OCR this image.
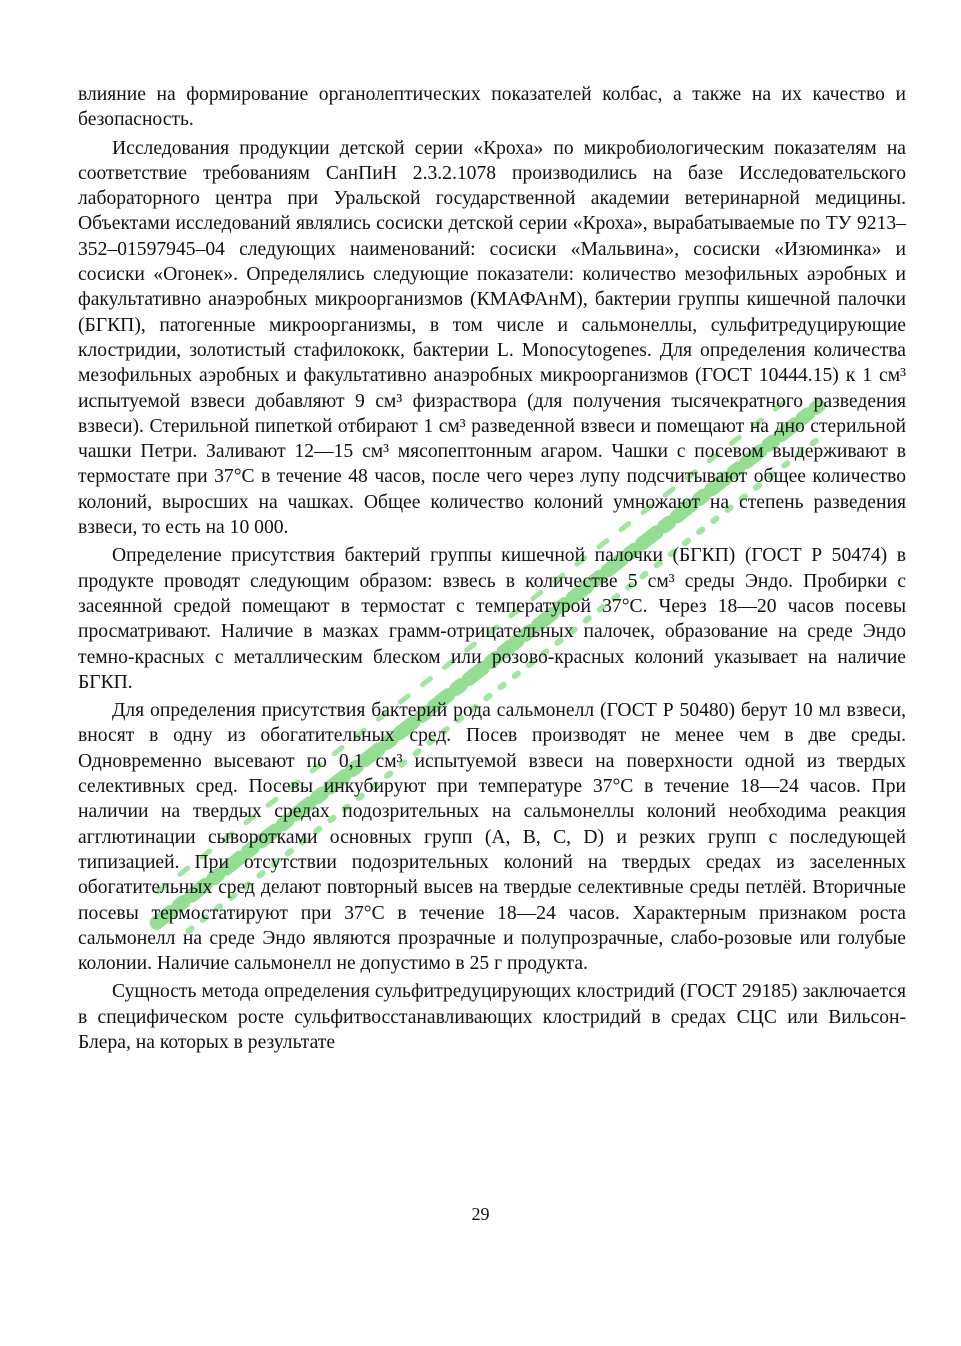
влияние на формирование органолептических показателей колбас, а также на их качество и безопасность.

Исследования продукции детской серии «Кроха» по микробиологическим показателям на соответствие требованиям СанПиН 2.3.2.1078 производились на базе Исследовательского лабораторного центра при Уральской государственной академии ветеринарной медицины. Объектами исследований являлись сосиски детской серии «Кроха», вырабатываемые по ТУ 9213–352–01597945–04 следующих наименований: сосиски «Мальвина», сосиски «Изюминка» и сосиски «Огонек». Определялись следующие показатели: количество мезофильных аэробных и факультативно анаэробных микроорганизмов (КМАФАнМ), бактерии группы кишечной палочки (БГКП), патогенные микроорганизмы, в том числе и сальмонеллы, сульфитредуцирующие клостридии, золотистый стафилококк, бактерии L. Monocytogenes. Для определения количества мезофильных аэробных и факультативно анаэробных микроорганизмов (ГОСТ 10444.15) к 1 см³ испытуемой взвеси добавляют 9 см³ физраствора (для получения тысячекратного разведения взвеси). Стерильной пипеткой отбирают 1 см³ разведенной взвеси и помещают на дно стерильной чашки Петри. Заливают 12—15 см³ мясопептонным агаром. Чашки с посевом выдерживают в термостате при 37°С в течение 48 часов, после чего через лупу подсчитывают общее количество колоний, выросших на чашках. Общее количество колоний умножают на степень разведения взвеси, то есть на 10 000.

Определение присутствия бактерий группы кишечной палочки (БГКП) (ГОСТ Р 50474) в продукте проводят следующим образом: взвесь в количестве 5 см³ среды Эндо. Пробирки с засеянной средой помещают в термостат с температурой 37°С. Через 18—20 часов посевы просматривают. Наличие в мазках грамм-отрицательных палочек, образование на среде Эндо темно-красных с металлическим блеском или розово-красных колоний указывает на наличие БГКП.

Для определения присутствия бактерий рода сальмонелл (ГОСТ Р 50480) берут 10 мл взвеси, вносят в одну из обогатительных сред. Посев производят не менее чем в две среды. Одновременно высевают по 0,1 см³ испытуемой взвеси на поверхности одной из твердых селективных сред. Посевы инкубируют при температуре 37°С в течение 18—24 часов. При наличии на твердых средах подозрительных на сальмонеллы колоний необходима реакция агглютинации сыворотками основных групп (А, В, С, D) и резких групп с последующей типизацией. При отсутствии подозрительных колоний на твердых средах из заселенных обогатительных сред делают повторный высев на твердые селективные среды петлёй. Вторичные посевы термостатируют при 37°С в течение 18—24 часов. Характерным признаком роста сальмонелл на среде Эндо являются прозрачные и полупрозрачные, слабо-розовые или голубые колонии. Наличие сальмонелл не допустимо в 25 г продукта.

Сущность метода определения сульфитредуцирующих клостридий (ГОСТ 29185) заключается в специфическом росте сульфитвосстанавливающих клостридий в средах СЦС или Вильсон-Блера, на которых в результате

29
